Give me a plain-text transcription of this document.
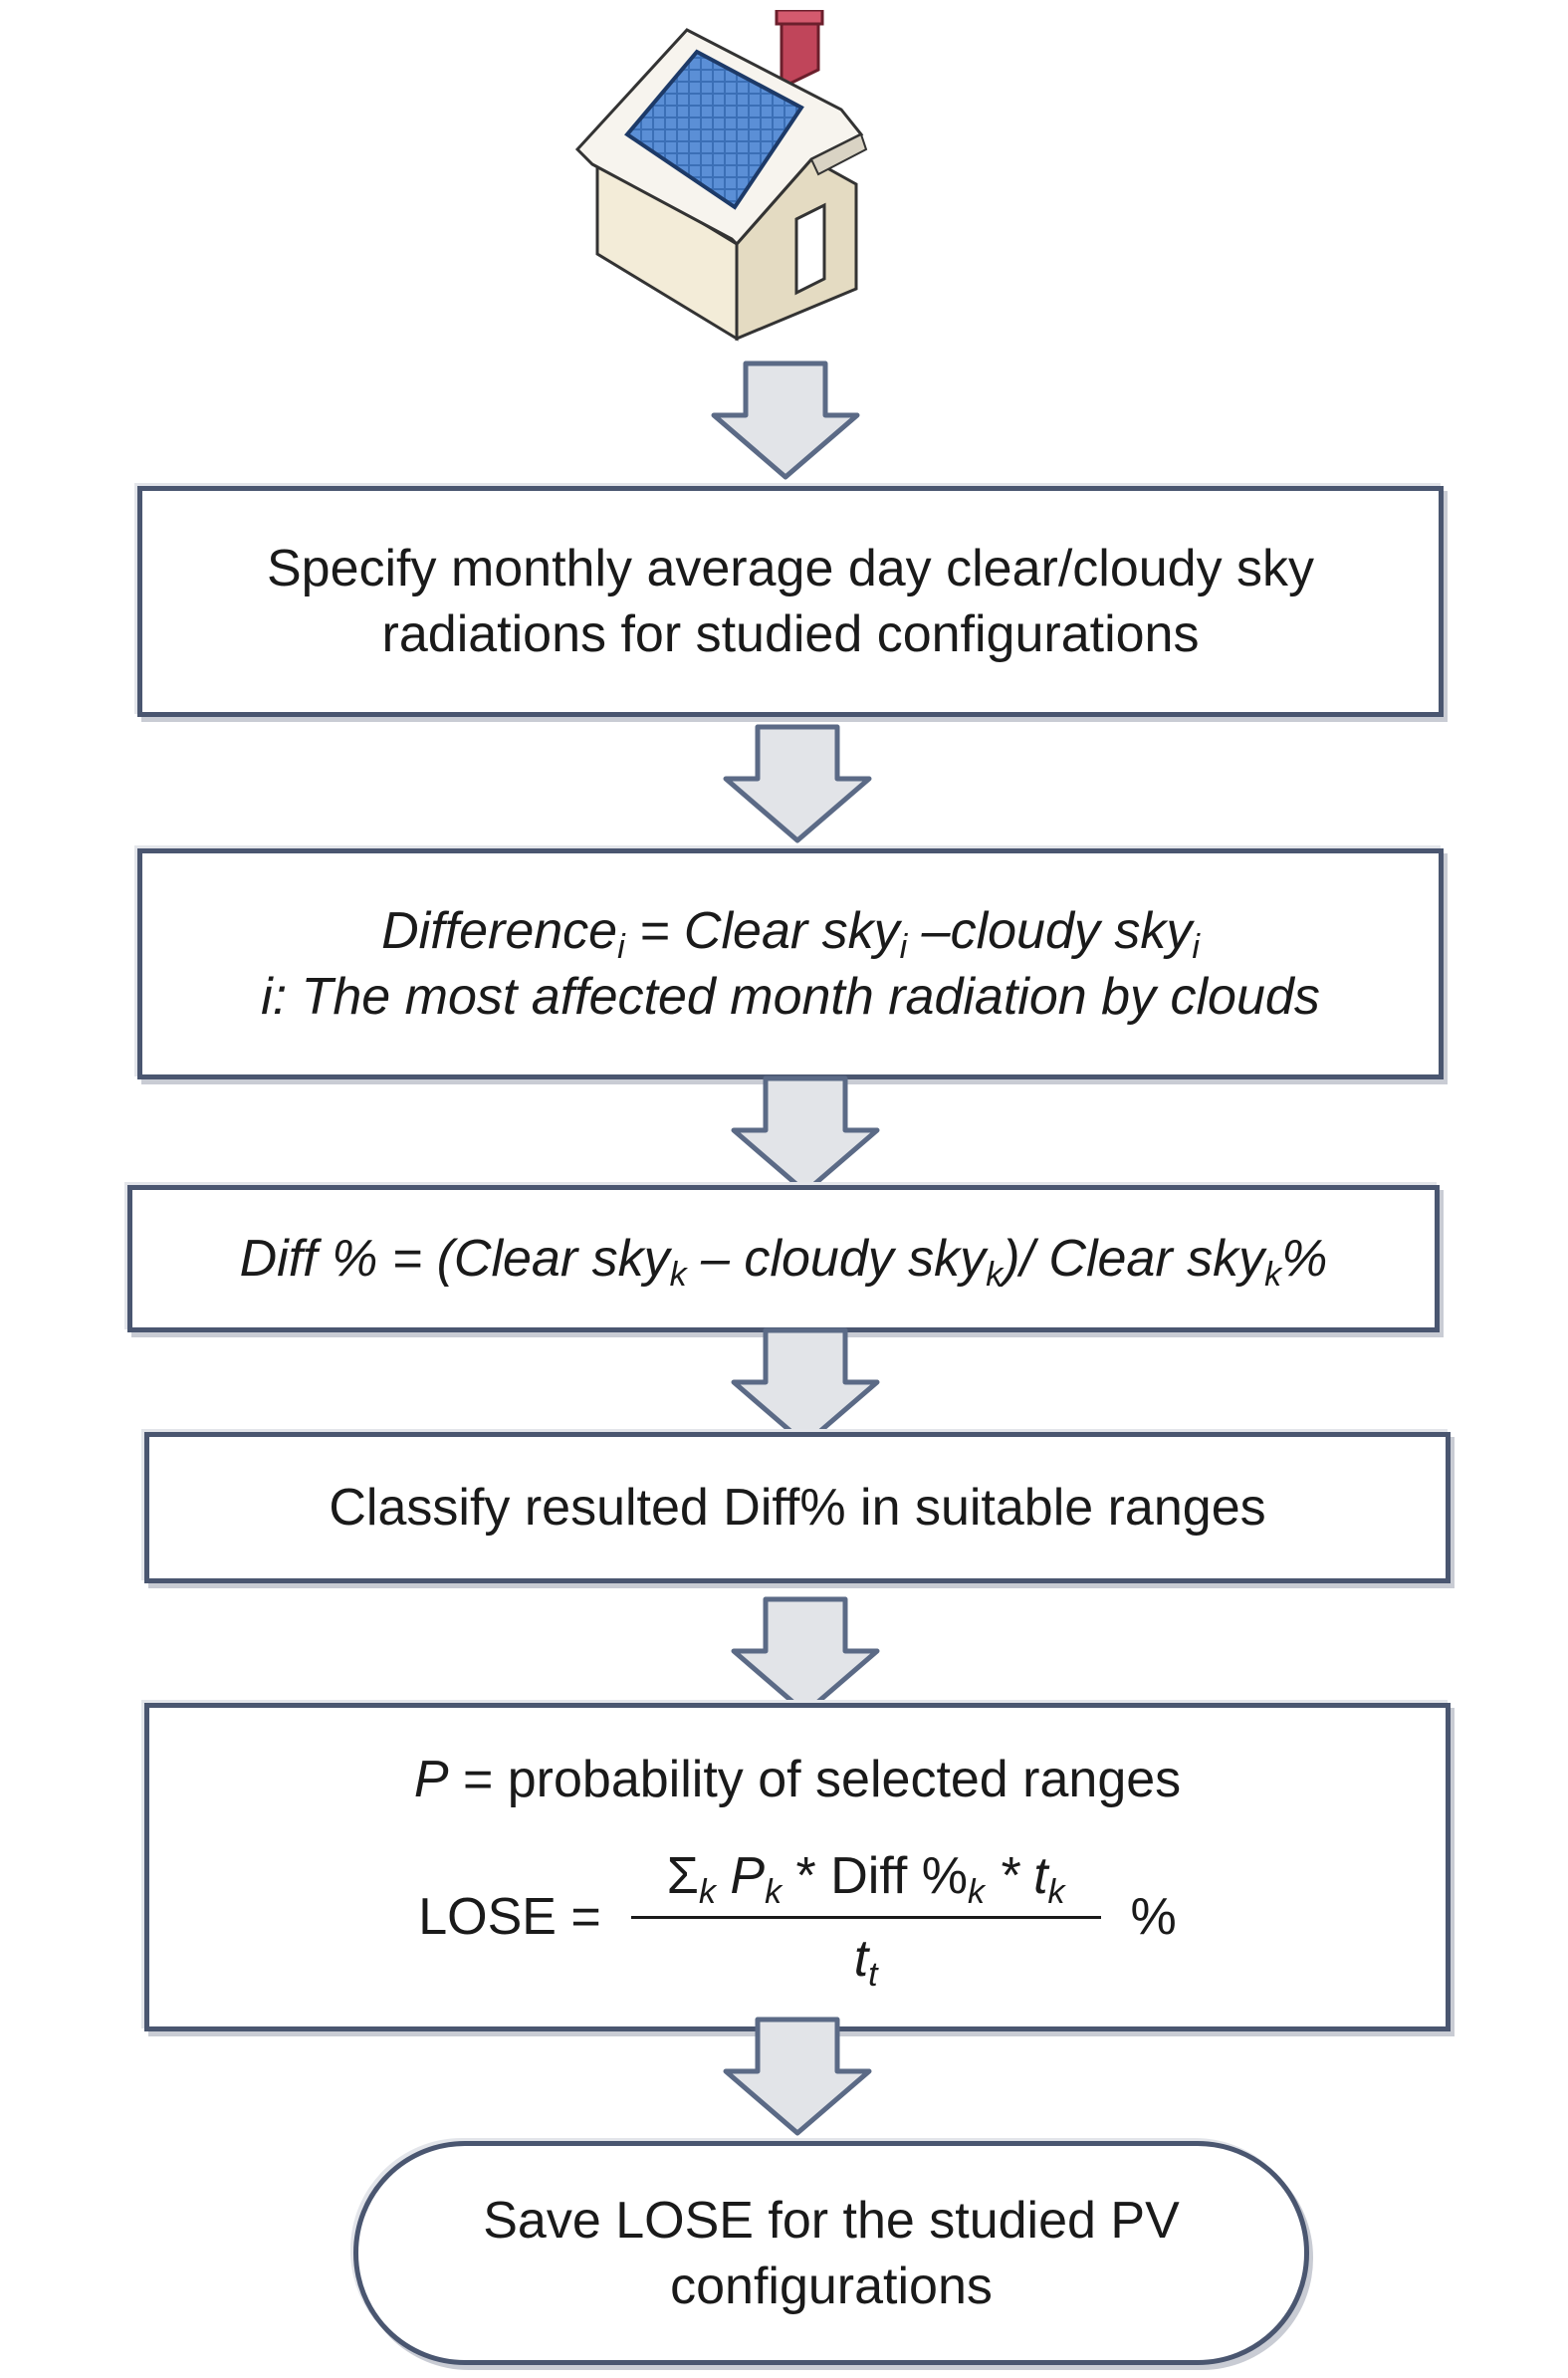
Specify monthly average day clear/cloudy sky
radiations for studied configurations
Difference$_i$ = Clear sky$_i$ –cloudy sky$_i$
i: The most affected month radiation by clouds
Diff % = (Clear sky$_k$ – cloudy sky$_k$)/ Clear sky$_k$%
Classify resulted Diff% in suitable ranges
P = probability of selected ranges
LOSE = $\frac{\Sigma_k P_k * Diff \%_k * t_k}{t_t}$ %
Save LOSE for the studied PV
configurations
